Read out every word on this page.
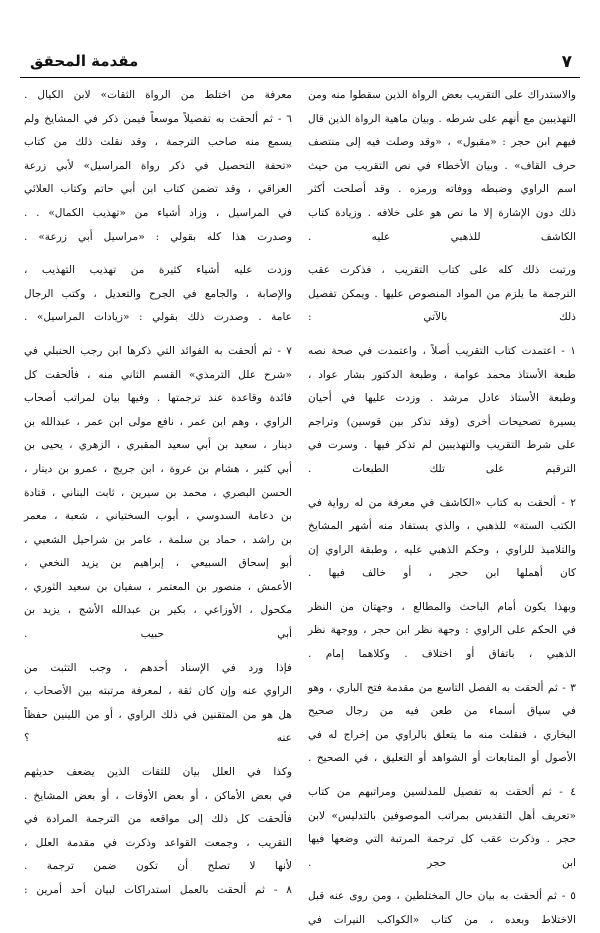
٧
مقدمة المحقق
والاستدراك على التقريب بعض الرواة الذين سقطوا منه ومن
التهذيبين مع أنهم على شرطه . وبيان ماهية الرواة الذين قال
فيهم ابن حجر : «مقبول» ، «وقد وصلت فيه إلى منتصف
حرف القاف» . وبيان الأخطاء في نص التقريب من حيث
اسم الراوي وضبطه ووفاته ورمزه . وقد أصلحت أكثر
ذلك دون الإشارة إلا ما نص هو على خلافه . وزيادة كتاب
الكاشف للذهبي عليه .
ورتبت ذلك كله على كتاب التقريب ، فذكرت عقب
الترجمة ما يلزم من المواد المنصوص عليها . ويمكن تفصيل
ذلك بالآتي :
١ - اعتمدت كتاب التقريب أصلاً ، واعتمدت في صحة نصه
طبعة الأستاذ محمد عوامة ، وطبعة الدكتور بشار عواد ،
وطبعة الأستاذ عادل مرشد . وزدت عليها في أحيان
يسيرة تصحيحات أخرى (وقد تذكر بين قوسين) وتراجم
على شرط التقريب والتهذيبين لم تذكر فيها . وسرت في
الترقيم على تلك الطبعات .
٢ - ألحقت به كتاب «الكاشف في معرفة من له رواية في
الكتب الستة» للذهبي ، والذي يستفاد منه أشهر المشايخ
والتلاميذ للراوي ، وحكم الذهبي عليه ، وطبقة الراوي إن
كان أهملها ابن حجر ، أو خالف فيها .
وبهذا يكون أمام الباحث والمطالع ، وجهتان من النظر
في الحكم على الراوي : وجهة نظر ابن حجر ، ووجهة نظر
الذهبي ، باتفاق أو اختلاف . وكلاهما إمام .
٣ - ثم ألحقت به الفصل التاسع من مقدمة فتح الباري ، وهو
في سياق أسماء من طعن فيه من رجال صحيح
البخاري ، فنقلت منه ما يتعلق بالراوي من إخراج له في
الأصول أو المتابعات أو الشواهد أو التعليق ، في الصحيح .
٤ - ثم ألحقت به تفصيل للمدلسين ومراتبهم من كتاب
«تعريف أهل التقديس بمراتب الموصوفين بالتدليس» لابن
حجر . وذكرت عقب كل ترجمة المرتبة التي وضعها فيها
ابن حجر .
٥ - ثم ألحقت به بيان حال المختلطين ، ومن روى عنه قبل
الاختلاط وبعده ، من كتاب «الكواكب النيرات في
معرفة من اختلط من الرواة الثقات» لابن الكيال .
٦ - ثم ألحقت به تفصيلاً موسعاً فيمن ذكر في المشايخ ولم
يسمع منه صاحب الترجمة ، وقد نقلت ذلك من كتاب
«تحفة التحصيل في ذكر رواة المراسيل» لأبي زرعة
العراقي ، وقد تضمن كتاب ابن أبي حاتم وكتاب العلائي
في المراسيل ، وزاد أشياء من «تهذيب الكمال» . .
وصدرت هذا كله بقولي : «مراسيل أبي زرعة» .
وزدت عليه أشياء كثيرة من تهذيب التهذيب ،
والإصابة ، والجامع في الجرح والتعديل ، وكتب الرجال
عامة . وصدرت ذلك بقولي : «زيادات المراسيل» .
٧ - ثم ألحقت به الفوائد التي ذكرها ابن رجب الحنبلي في
«شرح علل الترمذي» القسم الثاني منه ، فألحقت كل
فائدة وقاعدة عند ترجمتها . وفيها بيان لمراتب أصحاب
الراوي ، وهم ابن عمر ، نافع مولى ابن عمر ، عبدالله بن
دينار ، سعيد بن أبي سعيد المقبري ، الزهري ، يحيى بن
أبي كثير ، هشام بن عروة ، ابن جريج ، عمرو بن دينار ،
الحسن البصري ، محمد بن سيرين ، ثابت البناني ، قتادة
بن دعامة السدوسي ، أيوب السختياني ، شعبة ، معمر
بن راشد ، حماد بن سلمة ، عامر بن شراحيل الشعبي ،
أبو إسحاق السبيعي ، إبراهيم بن يزيد النخعي ،
الأعمش ، منصور بن المعتمر ، سفيان بن سعيد الثوري ،
مكحول ، الأوزاعي ، بكير بن عبدالله الأشج ، يزيد بن
أبي حبيب .
فإذا ورد في الإسناد أحدهم ، وجب التثبت من
الراوي عنه وإن كان ثقة ، لمعرفة مرتبته بين الأصحاب ،
هل هو من المتقنين في ذلك الراوي ، أو من اللينين حفظاً
عنه ؟
وكذا في العلل بيان للثقات الذين يضعف حديثهم
في بعض الأماكن ، أو بعض الأوقات ، أو بعض المشايخ .
فألحقت كل ذلك إلى مواقعه من الترجمة المرادة في
التقريب ، وجمعت القواعد وذكرت في مقدمة العلل ،
لأنها لا تصلح أن تكون ضمن ترجمة .
٨ - ثم ألحقت بالعمل استدراكات لبيان أحد أمرين :
